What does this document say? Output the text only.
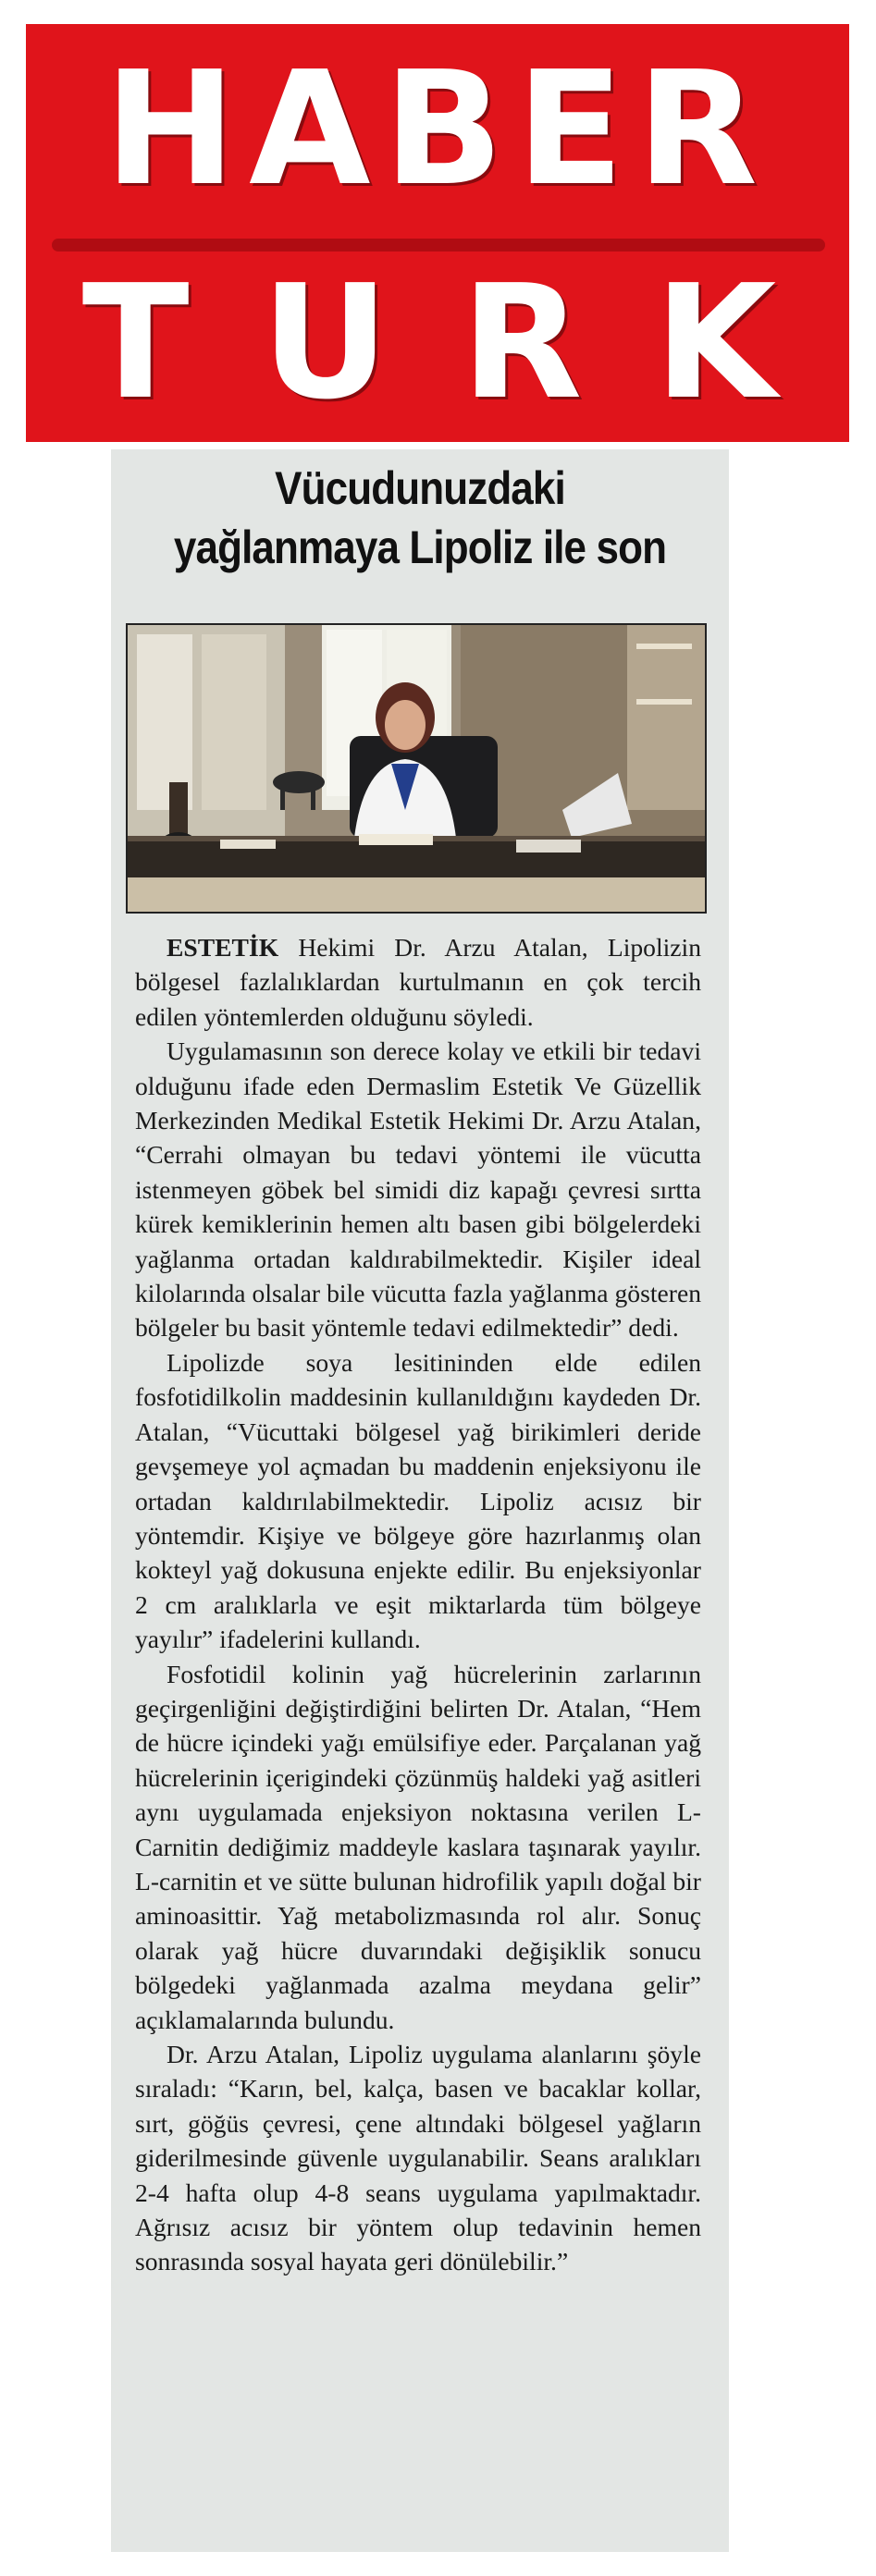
HABER
TURK
Vücudunuzdaki
yağlanmaya Lipoliz ile son

ESTETİK Hekimi Dr. Arzu Atalan, Lipolizin bölgesel fazlalıklardan kurtulmanın en çok tercih edilen yöntemlerden olduğunu söyledi.

Uygulamasının son derece kolay ve etkili bir tedavi olduğunu ifade eden Dermaslim Estetik Ve Güzellik Merkezinden Medikal Estetik Hekimi Dr. Arzu Atalan, “Cerrahi olmayan bu tedavi yöntemi ile vücutta istenmeyen göbek bel simidi diz kapağı çevresi sırtta kürek kemiklerinin hemen altı basen gibi bölgelerdeki yağlanma ortadan kaldırabilmektedir. Kişiler ideal kilolarında olsalar bile vücutta fazla yağlanma gösteren bölgeler bu basit yöntemle tedavi edilmektedir” dedi.

Lipolizde soya lesitininden elde edilen fosfotidilkolin maddesinin kullanıldığını kaydeden Dr. Atalan, “Vücuttaki bölgesel yağ birikimleri deride gevşemeye yol açmadan bu maddenin enjeksiyonu ile ortadan kaldırılabilmektedir. Lipoliz acısız bir yöntemdir. Kişiye ve bölgeye göre hazırlanmış olan kokteyl yağ dokusuna enjekte edilir. Bu enjeksiyonlar 2 cm aralıklarla ve eşit miktarlarda tüm bölgeye yayılır” ifadelerini kullandı.

Fosfotidil kolinin yağ hücrelerinin zarlarının geçirgenliğini değiştirdiğini belirten Dr. Atalan, “Hem de hücre içindeki yağı emülsifiye eder. Parçalanan yağ hücrelerinin içerigindeki çözünmüş haldeki yağ asitleri aynı uygulamada enjeksiyon noktasına verilen L-Carnitin dediğimiz maddeyle kaslara taşınarak yayılır. L-carnitin et ve sütte bulunan hidrofilik yapılı doğal bir aminoasittir. Yağ metabolizmasında rol alır. Sonuç olarak yağ hücre duvarındaki değişiklik sonucu bölgedeki yağlanmada azalma meydana gelir” açıklamalarında bulundu.

Dr. Arzu Atalan, Lipoliz uygulama alanlarını şöyle sıraladı: “Karın, bel, kalça, basen ve bacaklar kollar, sırt, göğüs çevresi, çene altındaki bölgesel yağların giderilmesinde güvenle uygulanabilir. Seans aralıkları 2-4 hafta olup 4-8 seans uygulama yapılmaktadır. Ağrısız acısız bir yöntem olup tedavinin hemen sonrasında sosyal hayata geri dönülebilir.”
